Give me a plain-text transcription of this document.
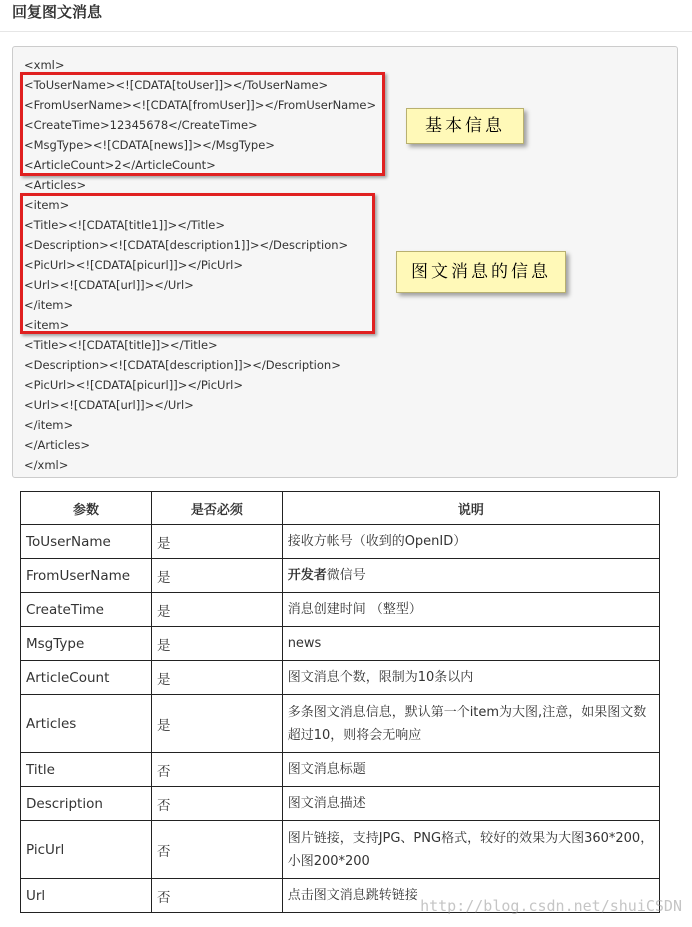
回复图文消息
<xml>
<ToUserName><![CDATA[toUser]]></ToUserName>
<FromUserName><![CDATA[fromUser]]></FromUserName>
<CreateTime>12345678</CreateTime>
<MsgType><![CDATA[news]]></MsgType>
<ArticleCount>2</ArticleCount>
<Articles>
<item>
<Title><![CDATA[title1]]></Title>
<Description><![CDATA[description1]]></Description>
<PicUrl><![CDATA[picurl]]></PicUrl>
<Url><![CDATA[url]]></Url>
</item>
<item>
<Title><![CDATA[title]]></Title>
<Description><![CDATA[description]]></Description>
<PicUrl><![CDATA[picurl]]></PicUrl>
<Url><![CDATA[url]]></Url>
</item>
</Articles>
</xml>
基本信息
图文消息的信息
参数	是否必须	说明
ToUserName	是	接收方帐号（收到的OpenID）
FromUserName	是	开发者微信号
CreateTime	是	消息创建时间 （整型）
MsgType	是	news
ArticleCount	是	图文消息个数，限制为10条以内
Articles	是	多条图文消息信息，默认第一个item为大图,注意，如果图文数超过10，则将会无响应
Title	否	图文消息标题
Description	否	图文消息描述
PicUrl	否	图片链接，支持JPG、PNG格式，较好的效果为大图360*200，小图200*200
Url	否	点击图文消息跳转链接
http://blog.csdn.net/shuiCSDN
